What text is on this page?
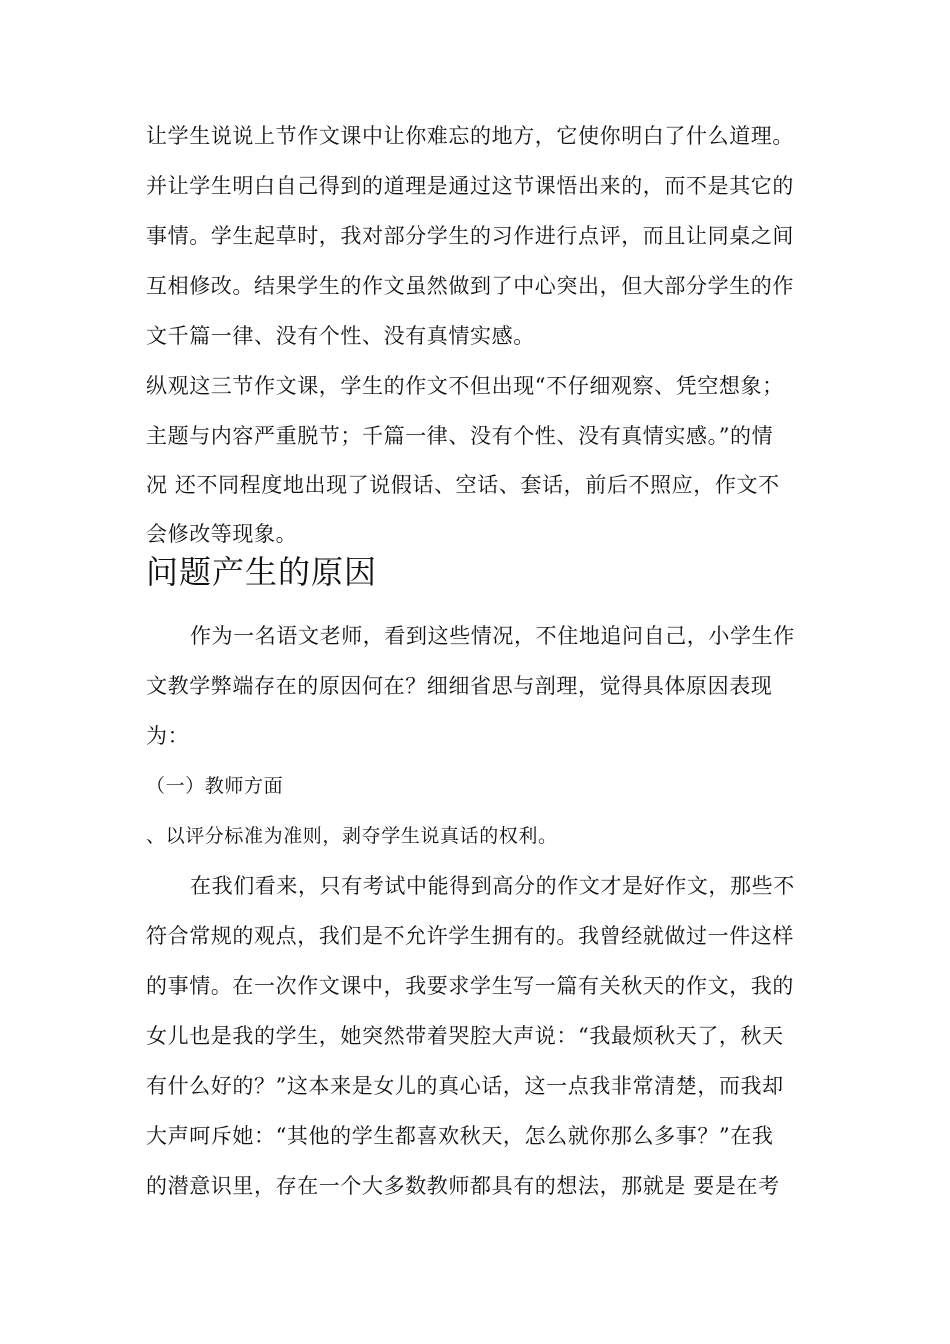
让学生说说上节作文课中让你难忘的地方，它使你明白了什么道理。
并让学生明白自己得到的道理是通过这节课悟出来的，而不是其它的
事情。学生起草时，我对部分学生的习作进行点评，而且让同桌之间
互相修改。结果学生的作文虽然做到了中心突出，但大部分学生的作
文千篇一律、没有个性、没有真情实感。
纵观这三节作文课，学生的作文不但出现“不仔细观察、凭空想象；
主题与内容严重脱节；千篇一律、没有个性、没有真情实感。”的情
况 还不同程度地出现了说假话、空话、套话，前后不照应，作文不
会修改等现象。
问题产生的原因
作为一名语文老师，看到这些情况，不住地追问自己，小学生作
文教学弊端存在的原因何在？细细省思与剖理，觉得具体原因表现
为：
（一）教师方面
、以评分标准为准则，剥夺学生说真话的权利。
在我们看来，只有考试中能得到高分的作文才是好作文，那些不
符合常规的观点，我们是不允许学生拥有的。我曾经就做过一件这样
的事情。在一次作文课中，我要求学生写一篇有关秋天的作文，我的
女儿也是我的学生，她突然带着哭腔大声说：“我最烦秋天了，秋天
有什么好的？”这本来是女儿的真心话，这一点我非常清楚，而我却
大声呵斥她：“其他的学生都喜欢秋天，怎么就你那么多事？”在我
的潜意识里，存在一个大多数教师都具有的想法，那就是 要是在考
